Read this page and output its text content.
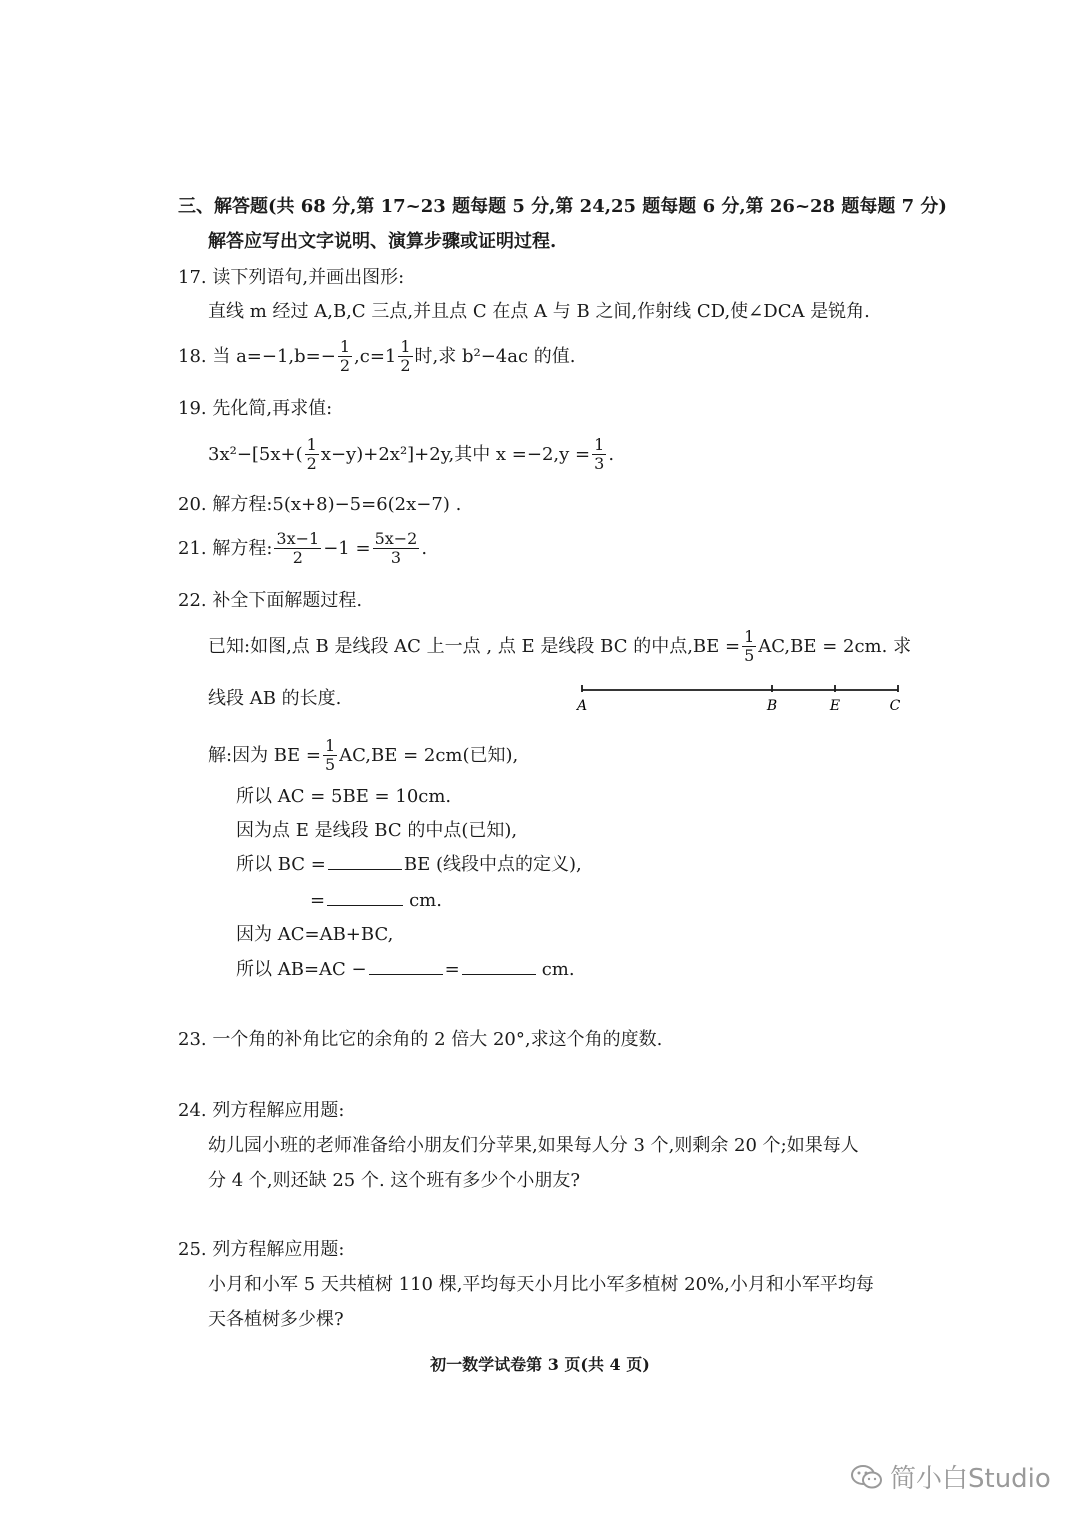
三、解答题(共 68 分,第 17~23 题每题 5 分,第 24,25 题每题 6 分,第 26~28 题每题 7 分)
解答应写出文字说明、演算步骤或证明过程.
17. 读下列语句,并画出图形:
直线 m 经过 A,B,C 三点,并且点 C 在点 A 与 B 之间,作射线 CD,使∠DCA 是锐角.
18. 当 $a=-1,b=- \frac{1}{2} ,c=1 \frac{1}{2}$ 时,求 b²−4ac 的值.
19. 先化简,再求值:
$3x^2-[5x+( \frac{1}{2} x-y)+2x^2]+2y$,其中 $x =-2,y = \frac{1}{3}$ .
20. 解方程:5(x+8)−5=6(2x−7) .
21. 解方程: $\frac{3x-1}{2} -1 = \frac{5x-2}{3}$ .
22. 补全下面解题过程.
已知:如图,点 B 是线段 AC 上一点 , 点 E 是线段 BC 的中点$,BE = \frac{1}{5} AC,BE = 2cm$. 求
线段 AB 的长度.	A	B	E	C
解:因为 BE = $\frac{1}{5} AC,BE = 2cm$(已知),
所以 AC = 5BE = 10cm.
因为点 E 是线段 BC 的中点(已知),
所以 BC =	BE (线段中点的定义),
=	cm.
因为 AC=AB+BC,
所以 AB=AC −	=	cm.
23. 一个角的补角比它的余角的 2 倍大 20°,求这个角的度数.
24. 列方程解应用题:
幼儿园小班的老师准备给小朋友们分苹果,如果每人分 3 个,则剩余 20 个;如果每人
分 4 个,则还缺 25 个. 这个班有多少个小朋友?
25. 列方程解应用题:
小月和小军 5 天共植树 110 棵,平均每天小月比小军多植树 20%,小月和小军平均每
天各植树多少棵?
初一数学试卷第 3 页(共 4 页)
简小白Studio
